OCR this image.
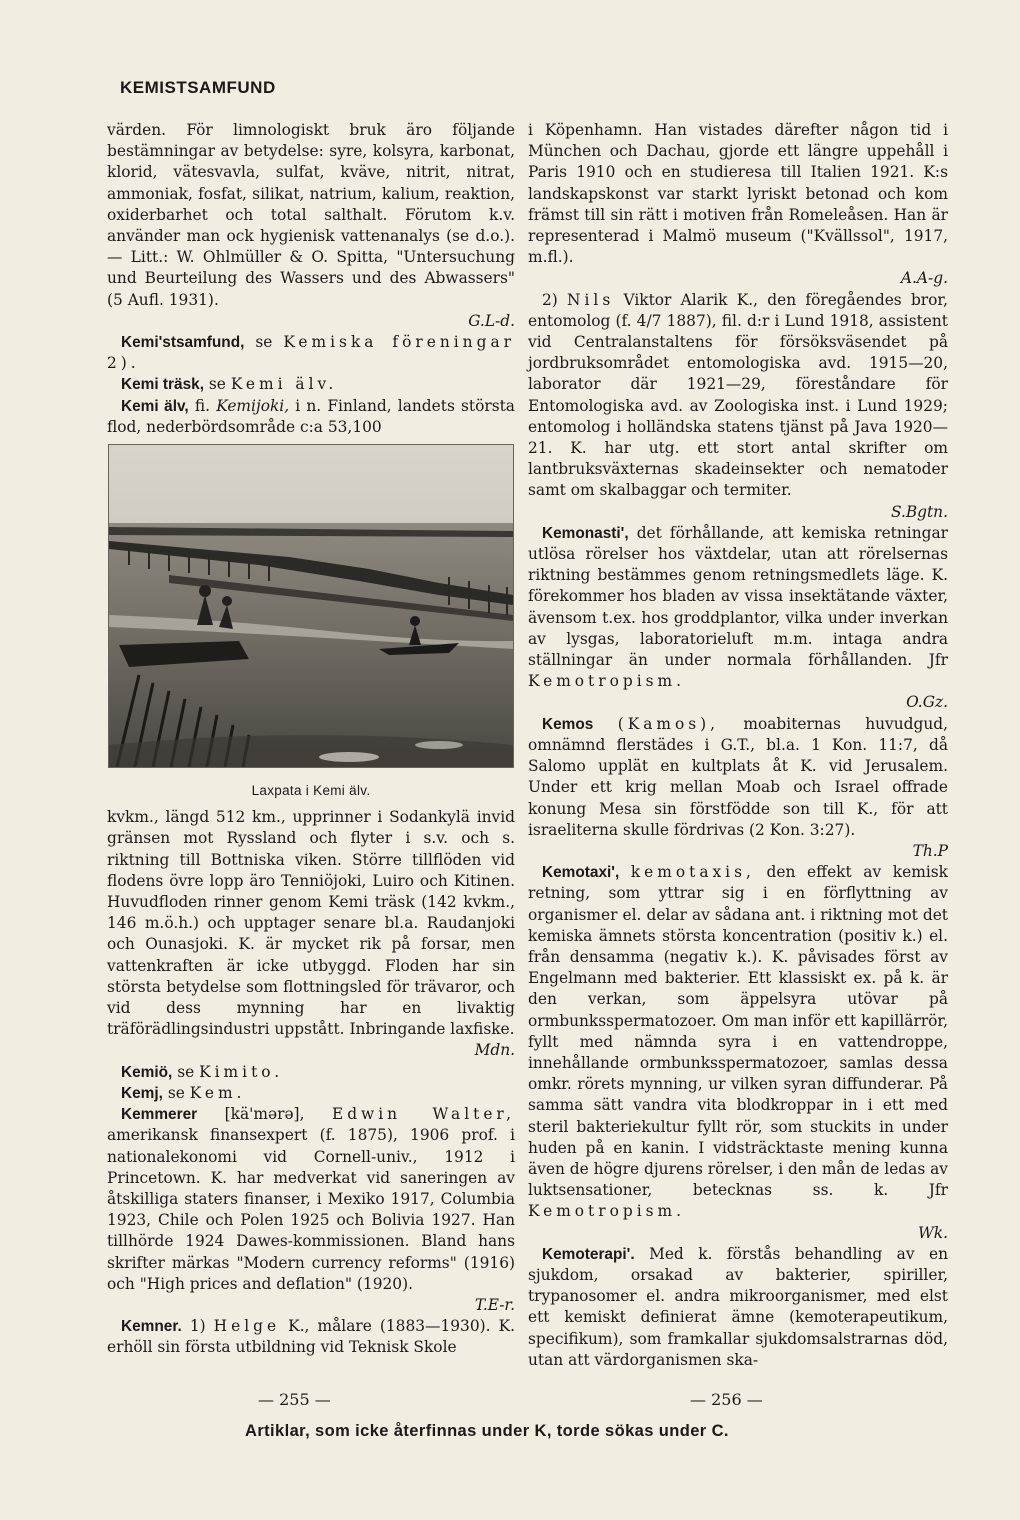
KEMISTSAMFUND

värden. För limnologiskt bruk äro följande bestämningar av betydelse: syre, kolsyra, karbonat, klorid, vätesvavla, sulfat, kväve, nitrit, nitrat, ammoniak, fosfat, silikat, natrium, kalium, reaktion, oxiderbarhet och total salthalt. Förutom k.v. använder man ock hygienisk vattenanalys (se d.o.). — Litt.: W. Ohlmüller & O. Spitta, "Untersuchung und Beurteilung des Wassers und des Abwassers" (5 Aufl. 1931).
G.L-d.

Kemi'stsamfund, se Kemiska föreningar 2).

Kemi träsk, se Kemi älv.

Kemi älv, fi. Kemijoki, i n. Finland, landets största flod, nederbördsområde c:a 53,100

Laxpata i Kemi älv.

kvkm., längd 512 km., upprinner i Sodankylä invid gränsen mot Ryssland och flyter i s.v. och s. riktning till Bottniska viken. Större tillflöden vid flodens övre lopp äro Tenniöjoki, Luiro och Kitinen. Huvudfloden rinner genom Kemi träsk (142 kvkm., 146 m.ö.h.) och upptager senare bl.a. Raudanjoki och Ounasjoki. K. är mycket rik på forsar, men vattenkraften är icke utbyggd. Floden har sin största betydelse som flottningsled för trävaror, och vid dess mynning har en livaktig träförädlingsindustri uppstått. Inbringande laxfiske.
Mdn.

Kemiö, se Kimito.

Kemj, se Kem.

Kemmerer [kä'mərə], Edwin Walter, amerikansk finansexpert (f. 1875), 1906 prof. i nationalekonomi vid Cornell-univ., 1912 i Princetown. K. har medverkat vid saneringen av åtskilliga staters finanser, i Mexiko 1917, Columbia 1923, Chile och Polen 1925 och Bolivia 1927. Han tillhörde 1924 Dawes-kommissionen. Bland hans skrifter märkas "Modern currency reforms" (1916) och "High prices and deflation" (1920).
T.E-r.

Kemner. 1) Helge K., målare (1883—1930). K. erhöll sin första utbildning vid Teknisk Skole

i Köpenhamn. Han vistades därefter någon tid i München och Dachau, gjorde ett längre uppehåll i Paris 1910 och en studieresa till Italien 1921. K:s landskapskonst var starkt lyriskt betonad och kom främst till sin rätt i motiven från Romeleåsen. Han är representerad i Malmö museum ("Kvällssol", 1917, m.fl.).
A.A-g.

2) Nils Viktor Alarik K., den föregåendes bror, entomolog (f. 4/7 1887), fil. d:r i Lund 1918, assistent vid Centralanstaltens för försöksväsendet på jordbruksområdet entomologiska avd. 1915—20, laborator där 1921—29, föreståndare för Entomologiska avd. av Zoologiska inst. i Lund 1929; entomolog i holländska statens tjänst på Java 1920—21. K. har utg. ett stort antal skrifter om lantbruksväxternas skadeinsekter och nematoder samt om skalbaggar och termiter.
S.Bgtn.

Kemonasti', det förhållande, att kemiska retningar utlösa rörelser hos växtdelar, utan att rörelsernas riktning bestämmes genom retningsmedlets läge. K. förekommer hos bladen av vissa insektätande växter, ävensom t.ex. hos groddplantor, vilka under inverkan av lysgas, laboratorieluft m.m. intaga andra ställningar än under normala förhållanden. Jfr Kemotropism.
O.Gz.

Kemos (Kamos), moabiternas huvudgud, omnämnd flerstädes i G.T., bl.a. 1 Kon. 11:7, då Salomo upplät en kultplats åt K. vid Jerusalem. Under ett krig mellan Moab och Israel offrade konung Mesa sin förstfödde son till K., för att israeliterna skulle fördrivas (2 Kon. 3:27).
Th.P

Kemotaxi', kemotaxis, den effekt av kemisk retning, som yttrar sig i en förflyttning av organismer el. delar av sådana ant. i riktning mot det kemiska ämnets största koncentration (positiv k.) el. från densamma (negativ k.). K. påvisades först av Engelmann med bakterier. Ett klassiskt ex. på k. är den verkan, som äppelsyra utövar på ormbunksspermatozoer. Om man inför ett kapillärrör, fyllt med nämnda syra i en vattendroppe, innehållande ormbunksspermatozoer, samlas dessa omkr. rörets mynning, ur vilken syran diffunderar. På samma sätt vandra vita blodkroppar in i ett med steril bakteriekultur fyllt rör, som stuckits in under huden på en kanin. I vidsträcktaste mening kunna även de högre djurens rörelser, i den mån de ledas av luktsensationer, betecknas ss. k. Jfr Kemotropism.
Wk.

Kemoterapi'. Med k. förstås behandling av en sjukdom, orsakad av bakterier, spiriller, trypanosomer el. andra mikroorganismer, med elst ett kemiskt definierat ämne (kemoterapeutikum, specifikum), som framkallar sjukdomsalstrarnas död, utan att värdorganismen ska-

— 255 —	— 256 —
Artiklar, som icke återfinnas under K, torde sökas under C.
